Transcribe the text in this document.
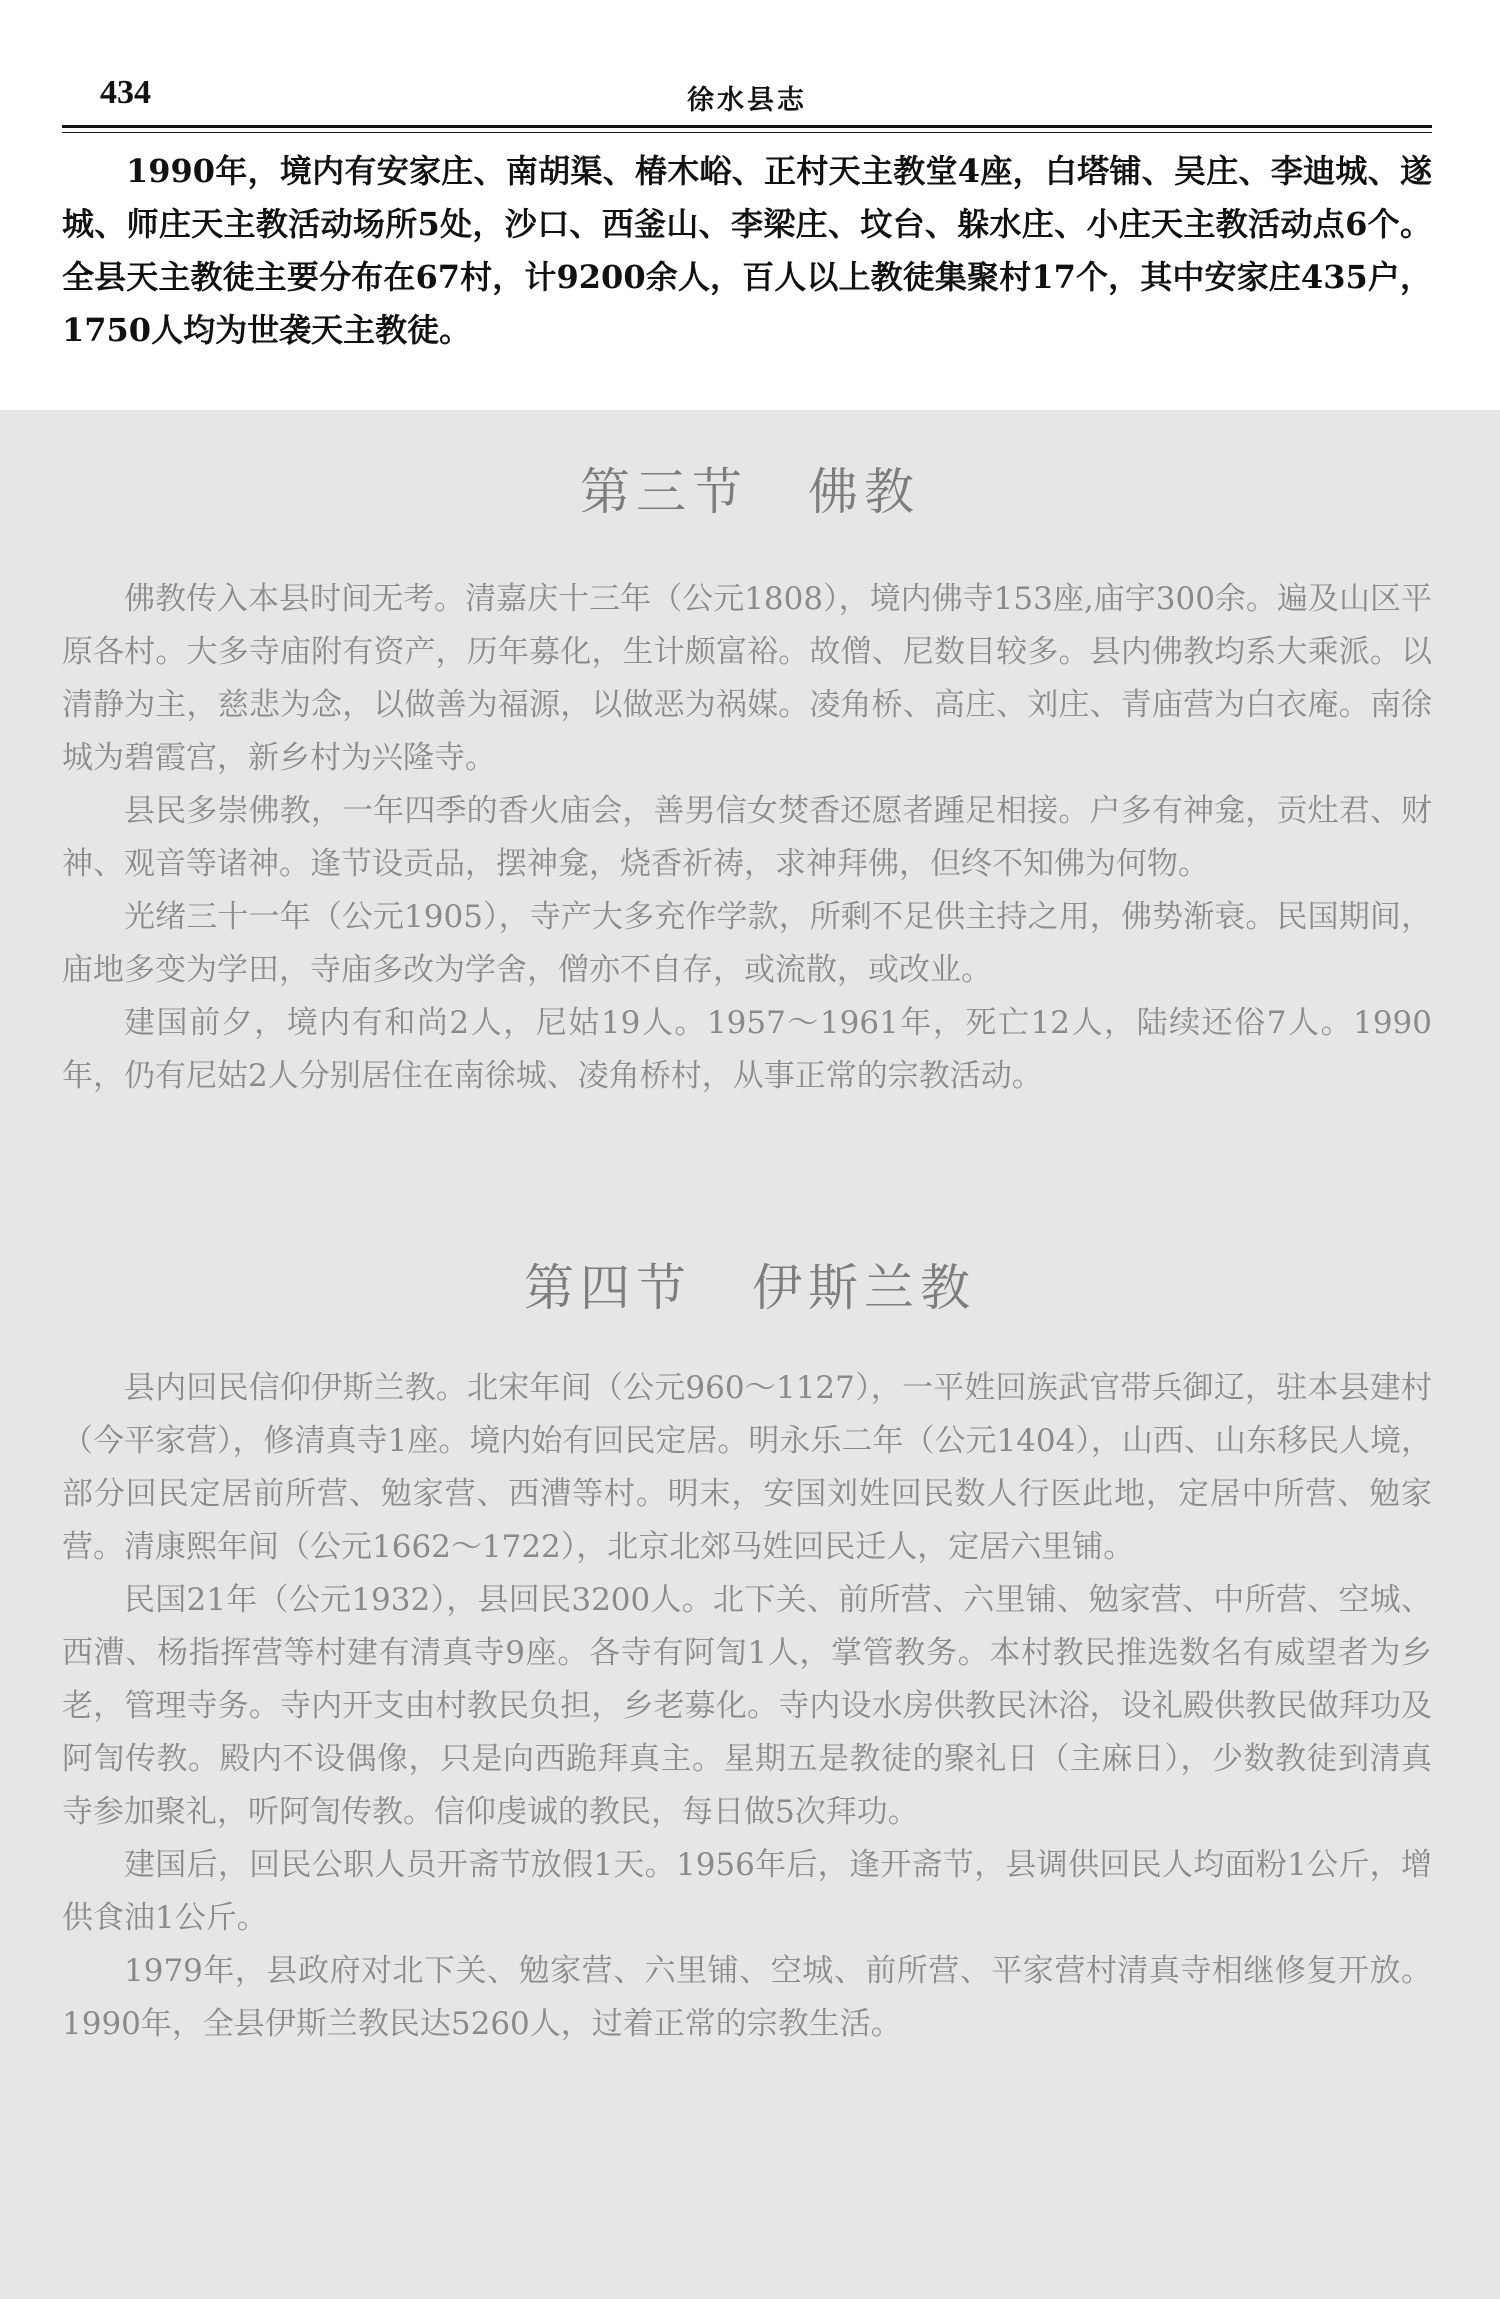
434	徐水县志
1990年，境内有安家庄、南胡渠、椿木峪、正村天主教堂4座，白塔铺、吴庄、李迪城、遂城、师庄天主教活动场所5处，沙口、西釜山、李梁庄、坟台、躲水庄、小庄天主教活动点6个。全县天主教徒主要分布在67村，计9200余人，百人以上教徒集聚村17个，其中安家庄435户，1750人均为世袭天主教徒。
第三节 佛教

佛教传入本县时间无考。清嘉庆十三年（公元1808），境内佛寺153座,庙宇300余。遍及山区平原各村。大多寺庙附有资产，历年募化，生计颇富裕。故僧、尼数目较多。县内佛教均系大乘派。以清静为主，慈悲为念，以做善为福源，以做恶为祸媒。凌角桥、高庄、刘庄、青庙营为白衣庵。南徐城为碧霞宫，新乡村为兴隆寺。

县民多崇佛教，一年四季的香火庙会，善男信女焚香还愿者踵足相接。户多有神龛，贡灶君、财神、观音等诸神。逢节设贡品，摆神龛，烧香祈祷，求神拜佛，但终不知佛为何物。

光绪三十一年（公元1905），寺产大多充作学款，所剩不足供主持之用，佛势渐衰。民国期间，庙地多变为学田，寺庙多改为学舍，僧亦不自存，或流散，或改业。

建国前夕，境内有和尚2人，尼姑19人。1957～1961年，死亡12人，陆续还俗7人。1990年，仍有尼姑2人分别居住在南徐城、凌角桥村，从事正常的宗教活动。

第四节 伊斯兰教

县内回民信仰伊斯兰教。北宋年间（公元960～1127），一平姓回族武官带兵御辽，驻本县建村（今平家营），修清真寺1座。境内始有回民定居。明永乐二年（公元1404），山西、山东移民人境，部分回民定居前所营、勉家营、西漕等村。明末，安国刘姓回民数人行医此地，定居中所营、勉家营。清康熙年间（公元1662～1722），北京北郊马姓回民迁人，定居六里铺。

民国21年（公元1932），县回民3200人。北下关、前所营、六里铺、勉家营、中所营、空城、西漕、杨指挥营等村建有清真寺9座。各寺有阿訇1人，掌管教务。本村教民推选数名有威望者为乡老，管理寺务。寺内开支由村教民负担，乡老募化。寺内设水房供教民沐浴，设礼殿供教民做拜功及阿訇传教。殿内不设偶像，只是向西跪拜真主。星期五是教徒的聚礼日（主麻日），少数教徒到清真寺参加聚礼，听阿訇传教。信仰虔诚的教民，每日做5次拜功。

建国后，回民公职人员开斋节放假1天。1956年后，逢开斋节，县调供回民人均面粉1公斤，增供食油1公斤。

1979年，县政府对北下关、勉家营、六里铺、空城、前所营、平家营村清真寺相继修复开放。1990年，全县伊斯兰教民达5260人，过着正常的宗教生活。
